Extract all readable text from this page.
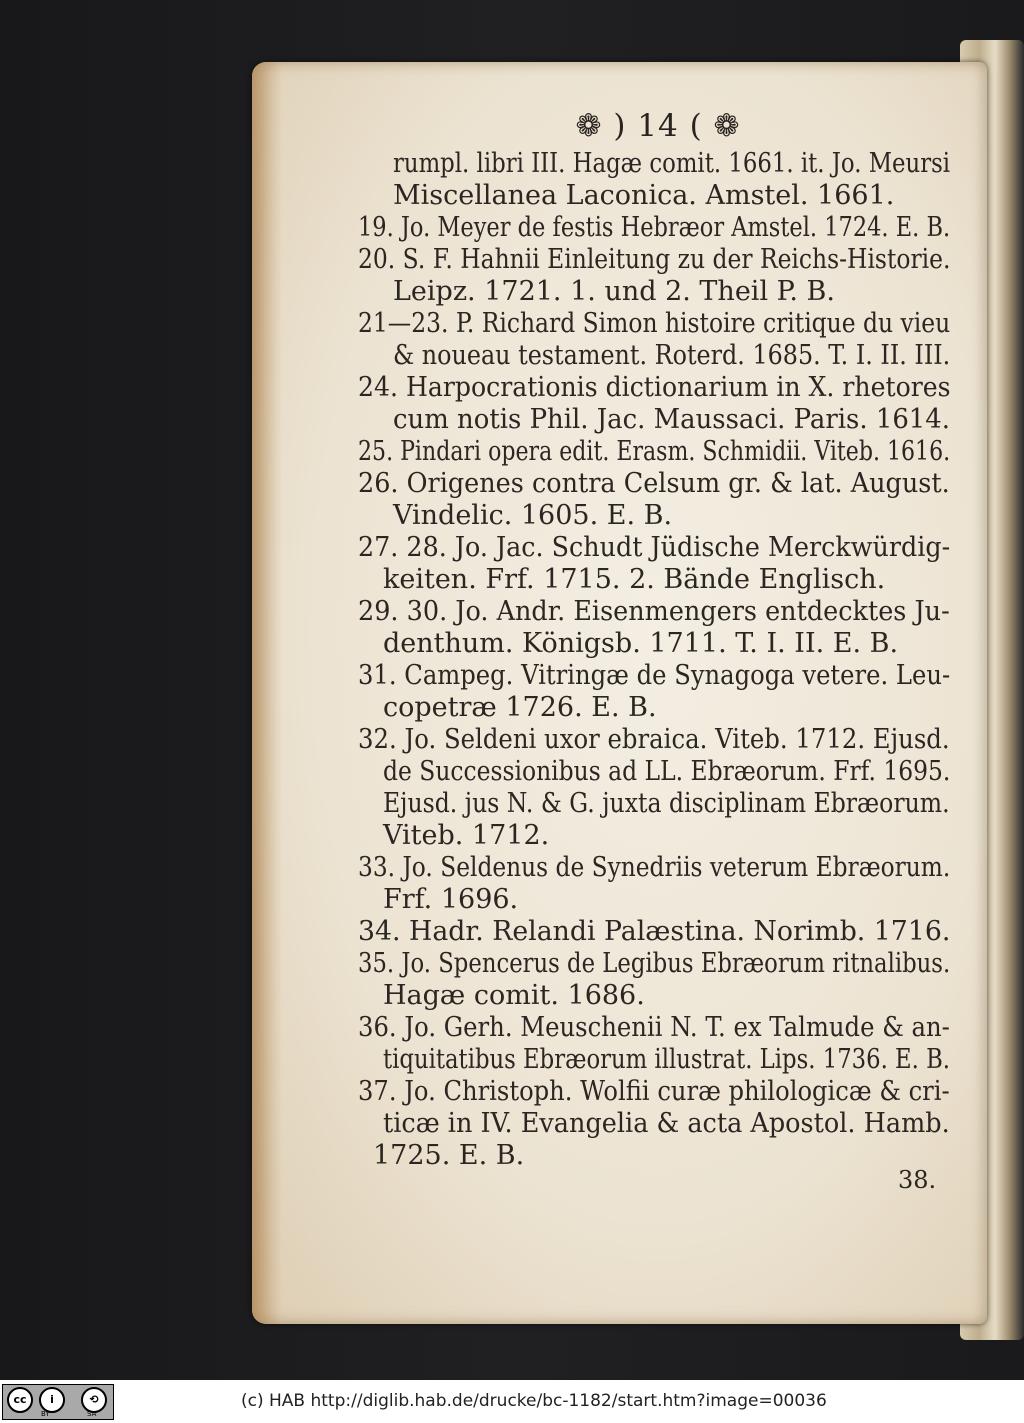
❁ ) 14 ( ❁
rumpl. libri III. Hagæ comit. 1661. it. Jo. Meursi
Miscellanea Laconica. Amstel. 1661.
19. Jo. Meyer de festis Hebræor Amstel. 1724. E. B.
20. S. F. Hahnii Einleitung zu der Reichs-Historie.
Leipz. 1721. 1. und 2. Theil P. B.
21—23. P. Richard Simon histoire critique du vieu
& noueau testament. Roterd. 1685. T. I. II. III.
24. Harpocrationis dictionarium in X. rhetores
cum notis Phil. Jac. Maussaci. Paris. 1614.
25. Pindari opera edit. Erasm. Schmidii. Viteb. 1616.
26. Origenes contra Celsum gr. & lat. August.
Vindelic. 1605. E. B.
27. 28. Jo. Jac. Schudt Jüdische Merckwürdig-
keiten. Frf. 1715. 2. Bände Englisch.
29. 30. Jo. Andr. Eisenmengers entdecktes Ju-
denthum. Königsb. 1711. T. I. II. E. B.
31. Campeg. Vitringæ de Synagoga vetere. Leu-
copetræ 1726. E. B.
32. Jo. Seldeni uxor ebraica. Viteb. 1712. Ejusd.
de Successionibus ad LL. Ebræorum. Frf. 1695.
Ejusd. jus N. & G. juxta disciplinam Ebræorum.
Viteb. 1712.
33. Jo. Seldenus de Synedriis veterum Ebræorum.
Frf. 1696.
34. Hadr. Relandi Palæstina. Norimb. 1716.
35. Jo. Spencerus de Legibus Ebræorum ritnalibus.
Hagæ comit. 1686.
36. Jo. Gerh. Meuschenii N. T. ex Talmude & an-
tiquitatibus Ebræorum illustrat. Lips. 1736. E. B.
37. Jo. Christoph. Wolfii curæ philologicæ & cri-
ticæ in IV. Evangelia & acta Apostol. Hamb.
1725. E. B.
38.
cc	i	⟲
BY	SA
(c) HAB http://diglib.hab.de/drucke/bc-1182/start.htm?image=00036
